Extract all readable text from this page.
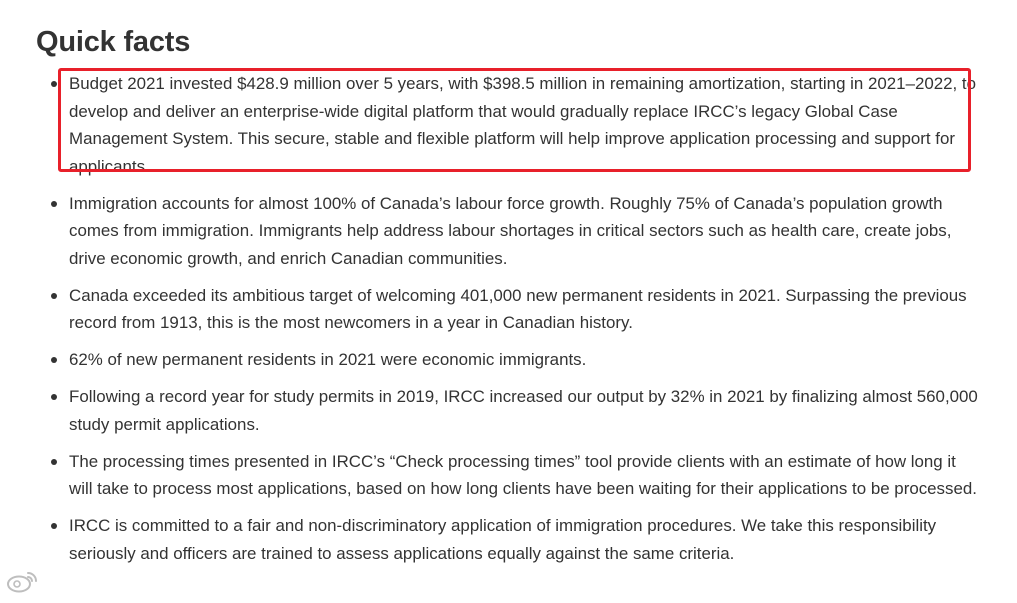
Quick facts
Budget 2021 invested $428.9 million over 5 years, with $398.5 million in remaining amortization, starting in 2021–2022, to develop and deliver an enterprise-wide digital platform that would gradually replace IRCC’s legacy Global Case Management System. This secure, stable and flexible platform will help improve application processing and support for applicants.
Immigration accounts for almost 100% of Canada’s labour force growth. Roughly 75% of Canada’s population growth comes from immigration. Immigrants help address labour shortages in critical sectors such as health care, create jobs, drive economic growth, and enrich Canadian communities.
Canada exceeded its ambitious target of welcoming 401,000 new permanent residents in 2021. Surpassing the previous record from 1913, this is the most newcomers in a year in Canadian history.
62% of new permanent residents in 2021 were economic immigrants.
Following a record year for study permits in 2019, IRCC increased our output by 32% in 2021 by finalizing almost 560,000 study permit applications.
The processing times presented in IRCC’s “Check processing times” tool provide clients with an estimate of how long it will take to process most applications, based on how long clients have been waiting for their applications to be processed.
IRCC is committed to a fair and non-discriminatory application of immigration procedures. We take this responsibility seriously and officers are trained to assess applications equally against the same criteria.
